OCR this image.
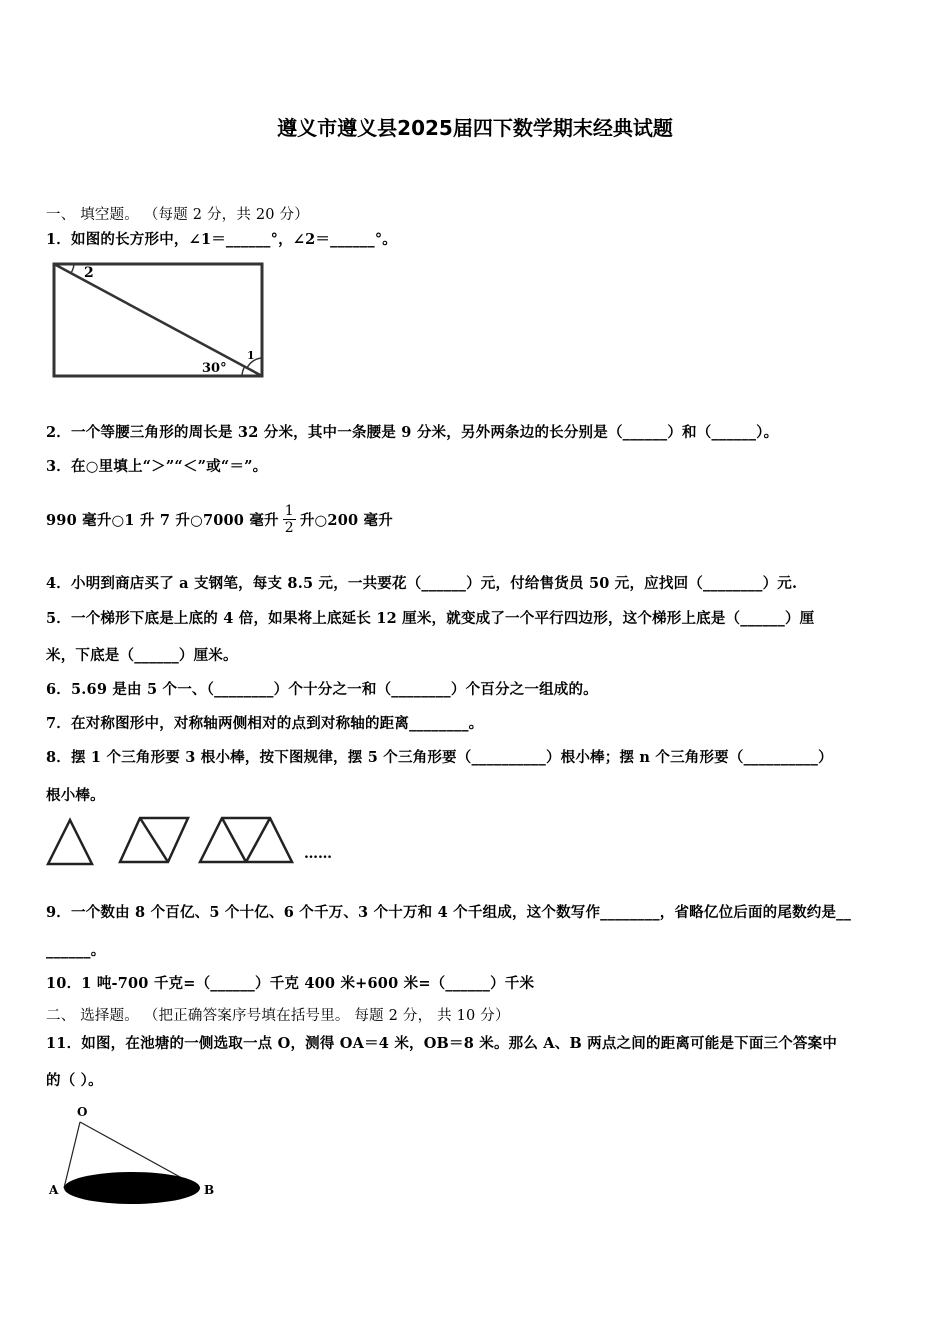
遵义市遵义县2025届四下数学期末经典试题
一、 填空题。 （每题 2 分，共 20 分）
1．如图的长方形中，∠1＝______°，∠2＝______°。
2
1
30°
2．一个等腰三角形的周长是 32 分米，其中一条腰是 9 分米，另外两条边的长分别是（______）和（______）。
3．在○里填上“＞”“＜”或“＝”。
990 毫升○1 升 7 升○7000 毫升 $\frac{1}{2}$ 升○200 毫升
4．小明到商店买了 a 支钢笔，每支 8.5 元，一共要花（______）元，付给售货员 50 元，应找回（________）元.
5．一个梯形下底是上底的 4 倍，如果将上底延长 12 厘米，就变成了一个平行四边形，这个梯形上底是（______）厘
米，下底是（______）厘米。
6．5.69 是由 5 个一、（________）个十分之一和（________）个百分之一组成的。
7．在对称图形中，对称轴两侧相对的点到对称轴的距离________。
8．摆 1 个三角形要 3 根小棒，按下图规律，摆 5 个三角形要（__________）根小棒；摆 n 个三角形要（__________）
根小棒。
……
9．一个数由 8 个百亿、5 个十亿、6 个千万、3 个十万和 4 个千组成，这个数写作________，省略亿位后面的尾数约是__
______。
10．1 吨-700 千克=（______）千克 400 米+600 米=（______）千米
二、 选择题。 （把正确答案序号填在括号里。 每题 2 分， 共 10 分）
11．如图，在池塘的一侧选取一点 O，测得 OA＝4 米，OB＝8 米。那么 A、B 两点之间的距离可能是下面三个答案中
的（ ）。
O
A	B
